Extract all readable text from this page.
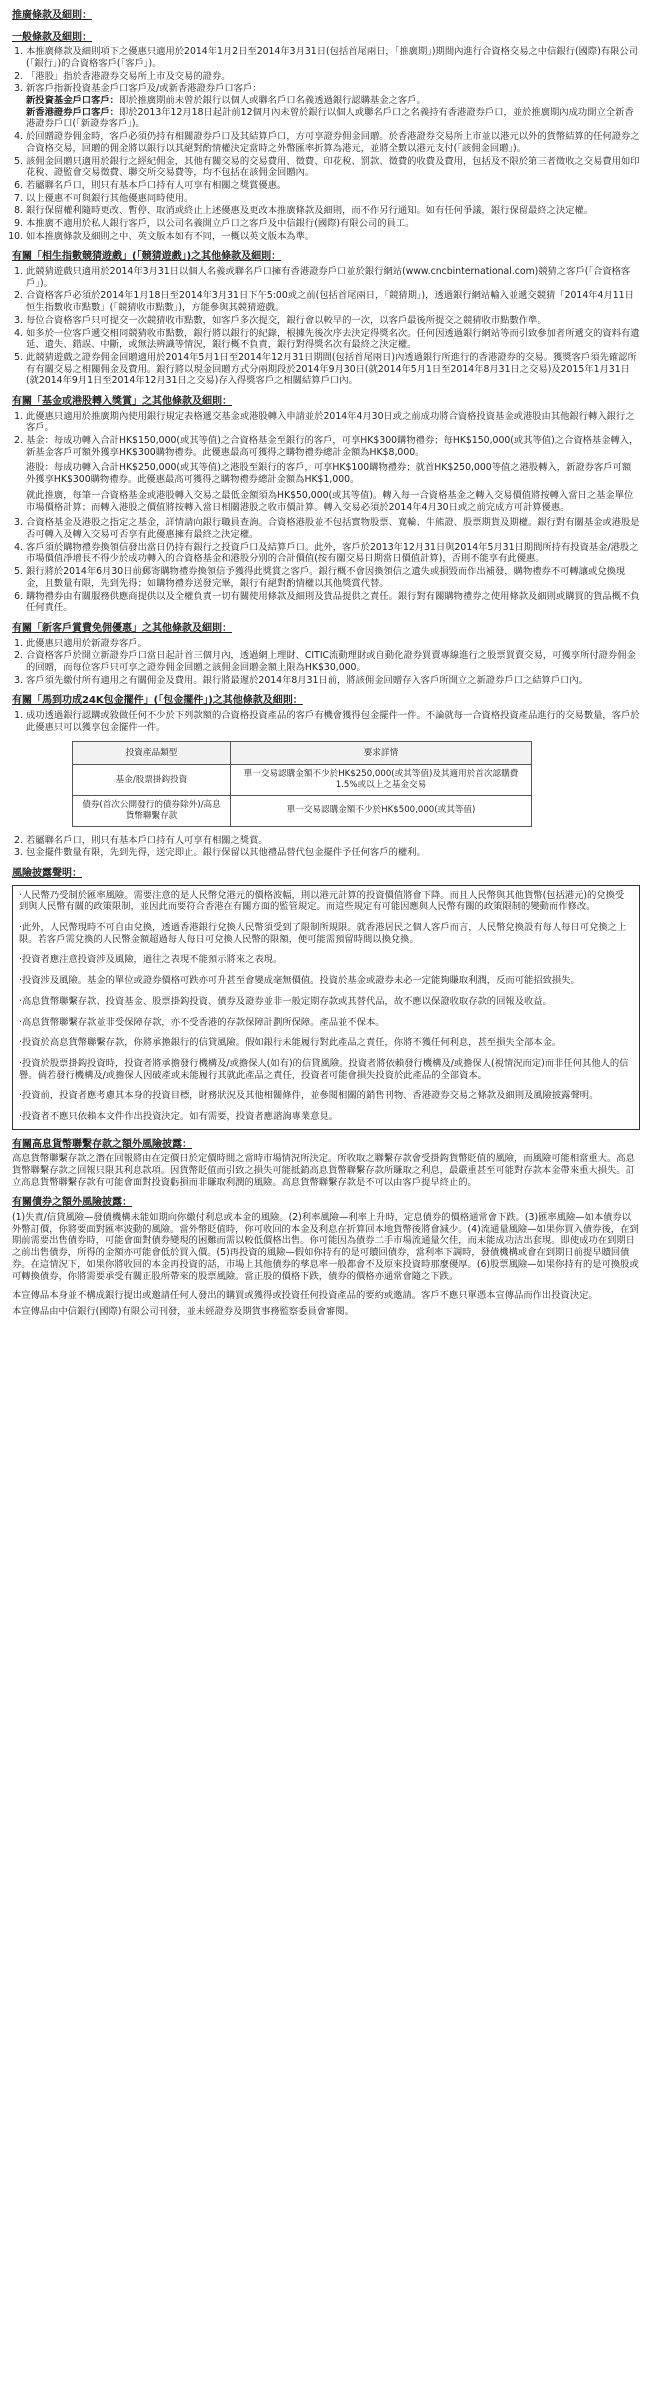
推廣條款及細則：
一般條款及細則：
1. 本推廣條款及細則項下之優惠只適用於2014年1月2日至2014年3月31日(包括首尾兩日，「推廣期」)期間內進行合資格交易之中信銀行(國際)有限公司(「銀行」)的合資格客戶(「客戶」)。
2. 「港股」指於香港證券交易所上市及交易的證券。
3. 新客戶指新投資基金戶口客戶及/或新香港證券戶口客戶：
新投資基金戶口客戶：即於推廣期前未曾於銀行以個人或聯名戶口名義透過銀行認購基金之客戶。
新香港證券戶口客戶：即於2013年12月18日起計前12個月內未曾於銀行以個人或聯名戶口之名義持有香港證券戶口，並於推廣期內成功開立全新香港證券戶口(「新證券客戶」)。
4. 於回贈證券佣金時，客戶必須仍持有相關證券戶口及其結算戶口，方可享證券佣金回贈。於香港證券交易所上市並以港元以外的貨幣結算的任何證券之合資格交易，回贈的佣金將以銀行以其絕對酌情權決定當時之外幣匯率折算為港元，並將全數以港元支付(「該佣金回贈」)。
5. 該佣金回贈只適用於銀行之經紀佣金，其他有關交易的交易費用、徵費、印花稅、罰款、徵費的收費及費用，包括及不限於第三者徵收之交易費用如印花稅、證監會交易徵費、聯交所交易費等，均不包括在該佣金回贈內。
6. 若屬聯名戶口，則只有基本戶口持有人可享有相關之獎賞優惠。
7. 以上優惠不可與銀行其他優惠同時使用。
8. 銀行保留權利隨時更改、暫停、取消或終止上述優惠及更改本推廣條款及細則，而不作另行通知。如有任何爭議，銀行保留最終之決定權。
9. 本推廣不適用於私人銀行客戶，以公司名義開立戶口之客戶及中信銀行(國際)有限公司的員工。
10. 如本推廣條款及細則之中、英文版本如有不同，一概以英文版本為準。
有關「相生指數競猜遊戲」(「競猜遊戲」)之其他條款及細則：
1. 此競猜遊戲只適用於2014年3月31日以個人名義或聯名戶口擁有香港證券戶口並於銀行網站(www.cncbinternational.com)競猜之客戶(「合資格客戶」)。
2. 合資格客戶必須於2014年1月18日至2014年3月31日下午5:00或之前(包括首尾兩日，「競猜期」)，透過銀行網站輸入並遞交競猜「2014年4月11日恒生指數收市點數」(「競猜收市點數」)，方能參與其競猜遊戲。
3. 每位合資格客戶只可提交一次競猜收市點數，如客戶多次提交，銀行會以較早的一次，以客戶最後所提交之競猜收市點數作準。
4. 如多於一位客戶遞交相同競猜收市點數，銀行將以銀行的紀錄，根據先後次序去決定得獎名次。任何因透過銀行網站等而引致參加者所遞交的資料有遺延、遺失、錯誤、中斷，或無法辨識等情況，銀行概不負責，銀行對得獎名次有最終之決定權。
5. 此競猜遊戲之證券佣金回贈適用於2014年5月1日至2014年12月31日期間(包括首尾兩日)內透過銀行所進行的香港證券的交易。獲獎客戶須先確認所有有關交易之相關佣金及費用。銀行將以現金回贈方式分兩期段於2014年9月30日(就2014年5月1日至2014年8月31日之交易)及2015年1月31日(就2014年9月1日至2014年12月31日之交易)存入得獎客戶之相關結算戶口內。
有關「基金或港股轉入獎賞」之其他條款及細則：
1. 此優惠只適用於推廣期內使用銀行規定表格遞交基金或港股轉入申請並於2014年4月30日或之前成功將合資格投資基金或港股由其他銀行轉入銀行之客戶。

2. 基金：每成功轉入合計HK$150,000(或其等值)之合資格基金至銀行的客戶，可享HK$300購物禮券；每HK$150,000(或其等值)之合資格基金轉入，新基金客戶可額外獲享HK$300購物禮券。此優惠最高可獲得之購物禮券總計金額為HK$8,000。

港股：每成功轉入合計HK$250,000(或其等值)之港股至銀行的客戶，可享HK$100購物禮券；就首HK$250,000等值之港股轉入，新證券客戶可額外獲享HK$300購物禮券。此優惠最高可獲得之購物禮券總計金額為HK$1,000。

就此推廣，每筆一合資格基金或港股轉入交易之最低金額須為HK$50,000(或其等值)。轉入每一合資格基金之轉入交易價值將按轉入當日之基金單位市場價格計算；而轉入港股之價值將按轉入當日相關港股之收市價計算。轉入交易必須於2014年4月30日或之前完成方可計算優惠。

3. 合資格基金及港股之指定之基金，詳情請向銀行職員查詢。合資格港股並不包括實物股票、寬輪、牛熊證、股票期貨及期權。銀行對有關基金或港股是否可轉入及轉入交易可否享有此優惠擁有最終之決定權。
4. 客戶須於購物禮券換領信發出當日仍持有銀行之投資戶口及結算戶口。此外，客戶於2013年12月31日與2014年5月31日期間所持有投資基金/港股之市場價值淨增長不得少於成功轉入的合資格基金和港股分別的合計價值(按有關交易日期當日價值計算)，否則不能享有此優惠。
5. 銀行將於2014年6月30日前郵寄購物禮券換領信予獲得此獎賞之客戶。銀行概不會因換領信之遺失或損毀而作出補發，購物禮券不可轉讓或兌換現金，且數量有限，先到先得；如購物禮券送發完畢，銀行有絕對酌情權以其他獎賞代替。
6. 購物禮券由有關服務供應商提供以及全權負責一切有關使用條款及細則及貨品提供之責任。銀行對有關購物禮券之使用條款及細則或購買的貨品概不負任何責任。
有關「新客戶賞費免佣優惠」之其他條款及細則：
1. 此優惠只適用於新證券客戶。
2. 合資格客戶於開立新證券戶口當日起計首三個月內，透過網上理財、CITIC流動理財或自動化證券買賣專線進行之股票買賣交易，可獲享所付證券佣金的回贈，而每位客戶只可享之證券佣金回贈之該佣金回贈金額上限為HK$30,000。
3. 客戶須先繳付所有適用之有關佣金及費用。銀行將最遲於2014年8月31日前，將該佣金回贈存入客戶所開立之新證券戶口之結算戶口內。
有關「馬到功成24K包金擺件」(「包金擺件」)之其他條款及細則：
1. 成功透過銀行認購或敘做任何不少於下列款額的合資格投資產品的客戶有機會獲得包金擺件一件。不論就每一合資格投資產品進行的交易數量，客戶於此優惠只可以獲享包金擺件一件。
投資產品類型	要求詳情
基金/股票掛鈎投資	單一交易認購金額不少於HK$250,000(或其等值)及其適用於首次認購費1.5%或以上之基金交易
債券(首次公開發行的債券除外)/高息貨幣聯繫存款	單一交易認購金額不少於HK$500,000(或其等值)
2. 若屬聯名戶口，則只有基本戶口持有人可享有相關之獎賞。
3. 包金擺件數量有限，先到先得，送完即止。銀行保留以其他禮品替代包金擺件予任何客戶的權利。
風險披露聲明：

‧人民幣乃受制於匯率風險。需要注意的是人民幣兌港元的價格波幅，則以港元計算的投資價值將會下降。而且人民幣與其他貨幣(包括港元)的兌換受到與人民幣有關的政策限制，並因此而要符合香港在有關方面的監管規定。而這些規定有可能因應與人民幣有關的政策限制的變動而作修改。

‧此外，人民幣現時不可自由兌換，透過香港銀行兌換人民幣須受到了限制所規限。就香港居民之個人客戶而言，人民幣兌換設有每人每日可兌換之上限。若客戶需兌換的人民幣金額超過每人每日可兌換人民幣的限額，便可能需預留時間以換兌換。

‧投資者應注意投資涉及風險，過往之表現不能預示將來之表現。

‧投資涉及風險。基金的單位或證券價格可跌亦可升甚至會變成毫無價值。投資於基金或證券未必一定能夠賺取利潤，反而可能招致損失。

‧高息貨幣聯繫存款、投資基金、股票掛鈎投資、債券及證券並非一般定期存款或其替代品，故不應以保證收取存款的回報及收益。

‧高息貨幣聯繫存款並非受保障存款，亦不受香港的存款保障計劃所保障。產品並不保本。

‧投資於高息貨幣聯繫存款，你將承擔銀行的信貸風險。假如銀行未能履行對此產品之責任，你將不獲任何利息，甚至損失全部本金。

‧投資於股票掛鈎投資時，投資者將承擔發行機構及/或擔保人(如有)的信貸風險。投資者將依賴發行機構及/或擔保人(視情況而定)而非任何其他人的信譽。倘若發行機構及/或擔保人因破產或未能履行其就此產品之責任，投資者可能會損失投資於此產品的全部資本。

‧投資前，投資者應考慮其本身的投資目標，財務狀況及其他相關條件，並參閱相關的銷售刊物、香港證券交易之條款及細則及風險披露聲明。

‧投資者不應只依賴本文件作出投資決定。如有需要，投資者應諮詢專業意見。

有關高息貨幣聯繫存款之額外風險披露：

高息貨幣聯繫存款之潛在回報將由在定價日於定價時間之當時市場情況所決定。所收取之聯繫存款會受掛鈎貨幣貶值的風險，而風險可能相當重大。高息貨幣聯繫存款之回報只限其利息款項。因貨幣貶值而引致之損失可能抵銷高息貨幣聯繫存款所賺取之利息，最嚴重甚至可能對存款本金帶來重大損失。訂立高息貨幣聯繫存款有可能會面對投資虧損而非賺取利潤的風險。高息貨幣聯繫存款是不可以由客戶提早終止的。

有關債券之額外風險披露：

(1)失責/信貸風險—發債機構未能如期向你繳付利息或本金的風險。(2)利率風險—利率上升時，定息債券的價格通常會下跌。(3)匯率風險—如本債券以外幣訂價，你將要面對匯率波動的風險。當外幣貶值時，你可收回的本金及利息在折算回本地貨幣後將會減少。(4)流通量風險—如果你買入債券後，在到期前需要出售債券時，可能會面對債券變現的困難而需以較低價格出售。你可能因為債券二手市場流通量欠佳，而未能成功沽出套現。即使成功在到期日之前出售債券，所得的金額亦可能會低於買入價。(5)再投資的風險—假如你持有的是可贖回債券，當利率下調時，發債機構或會在到期日前提早贖回債券。在這情況下，如果你將收回的本金再投資的話，市場上其他債券的孳息率一般都會不及原來投資時那麼優厚。(6)股票風險—如果你持有的是可換股或可轉換債券，你將需要承受有關正股所帶來的股票風險。當正股的價格下跌，債券的價格亦通常會隨之下跌。

本宣傳品本身並不構成銀行提出或邀請任何人發出的購買或獲得或投資任何投資產品的要約或邀請。客戶不應只單憑本宣傳品而作出投資決定。

本宣傳品由中信銀行(國際)有限公司刊發，並未經證券及期貨事務監察委員會審閱。
